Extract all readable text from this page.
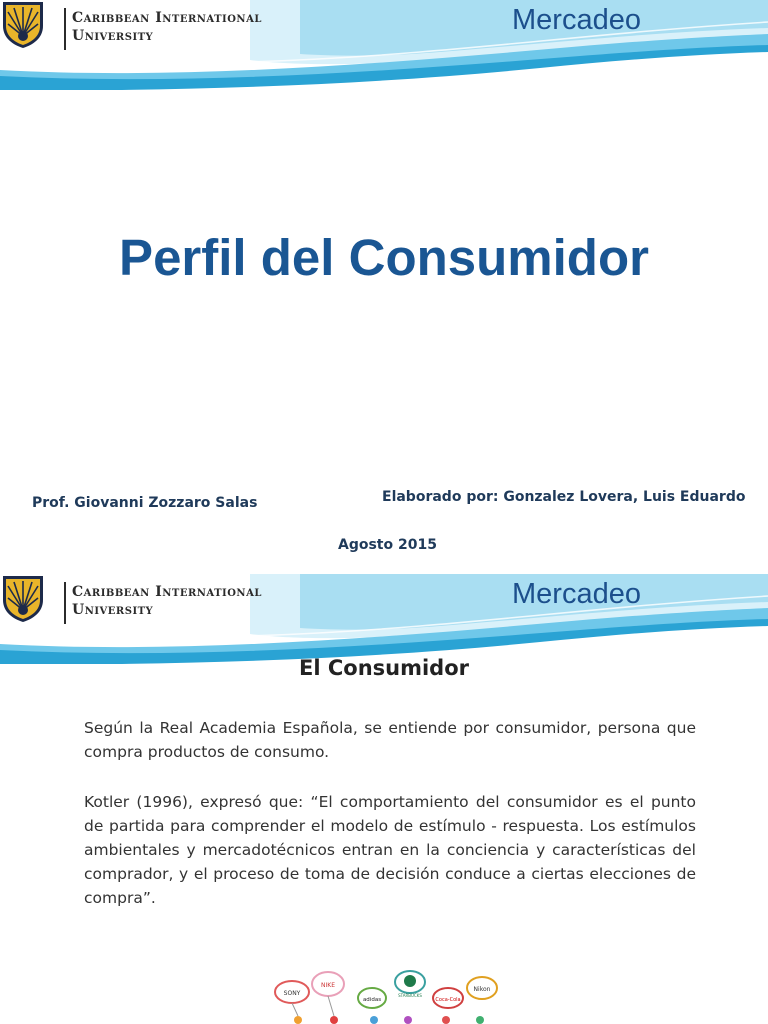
Caribbean International
University	Mercadeo
Perfil del Consumidor
Prof. Giovanni Zozzaro Salas	Elaborado por: Gonzalez Lovera, Luis Eduardo
Agosto 2015
Caribbean International
University	Mercadeo
El Consumidor

Según la Real Academia Española, se entiende por consumidor, persona que compra productos de consumo.

Kotler (1996), expresó que: “El comportamiento del consumidor es el punto de partida para comprender el modelo de estímulo - respuesta. Los estímulos ambientales y mercadotécnicos entran en la conciencia y características del comprador, y el proceso de toma de decisión conduce a ciertas elecciones de compra”.

SONY
NIKE
adidas
STARBUCKS
Coca-Cola
Nikon
